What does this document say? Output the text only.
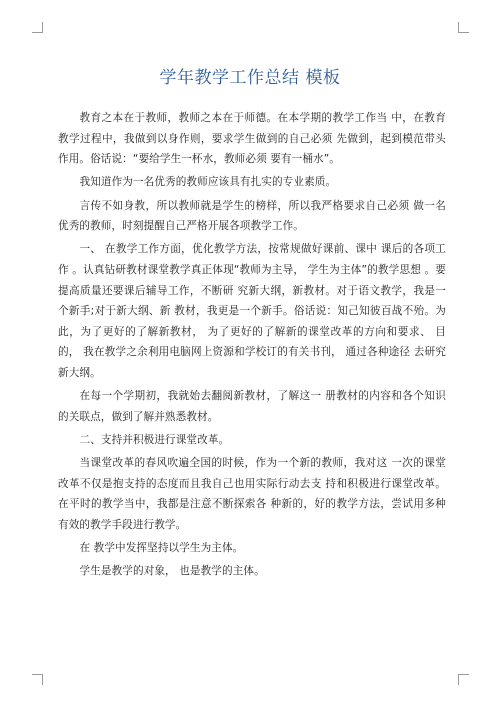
学年教学工作总结 模板

教育之本在于教师，教师之本在于师德。在本学期的教学工作当 中，在教育教学过程中，我做到以身作则，要求学生做到的自己必须 先做到，起到模范带头作用。俗话说：“要给学生一杯水，教师必须 要有一桶水”。

我知道作为一名优秀的教师应该具有扎实的专业素质。

言传不如身教，所以教师就是学生的榜样，所以我严格要求自己必须 做一名优秀的教师，时刻提醒自己严格开展各项教学工作。

一、 在教学工作方面，优化教学方法，按常规做好课前、课中 课后的各项工作 。认真钻研教材课堂教学真正体现“教师为主导， 学生为主体”的教学思想 。要提高质量还要课后辅导工作，不断研 究新大纲，新教材。对于语文教学，我是一个新手;对于新大纲、新 教材，我更是一个新手。俗话说：知己知彼百战不殆。为此，为了更好的了解新教材， 为了更好的了解新的课堂改革的方向和要求、 目的， 我在教学之余利用电脑网上资源和学校订的有关书刊， 通过各种途径 去研究新大纲。

在每一个学期初，我就始去翻阅新教材，了解这一 册教材的内容和各个知识的关联点，做到了解并熟悉教材。

二、支持并积极进行课堂改革。

当课堂改革的春风吹遍全国的时候，作为一个新的教师，我对这 一次的课堂改革不仅是抱支持的态度而且我自己也用实际行动去支 持和积极进行课堂改革。在平时的教学当中，我都是注意不断探索各 种新的，好的教学方法，尝试用多种有效的教学手段进行教学。

在 教学中发挥坚持以学生为主体。

学生是教学的对象， 也是教学的主体。
